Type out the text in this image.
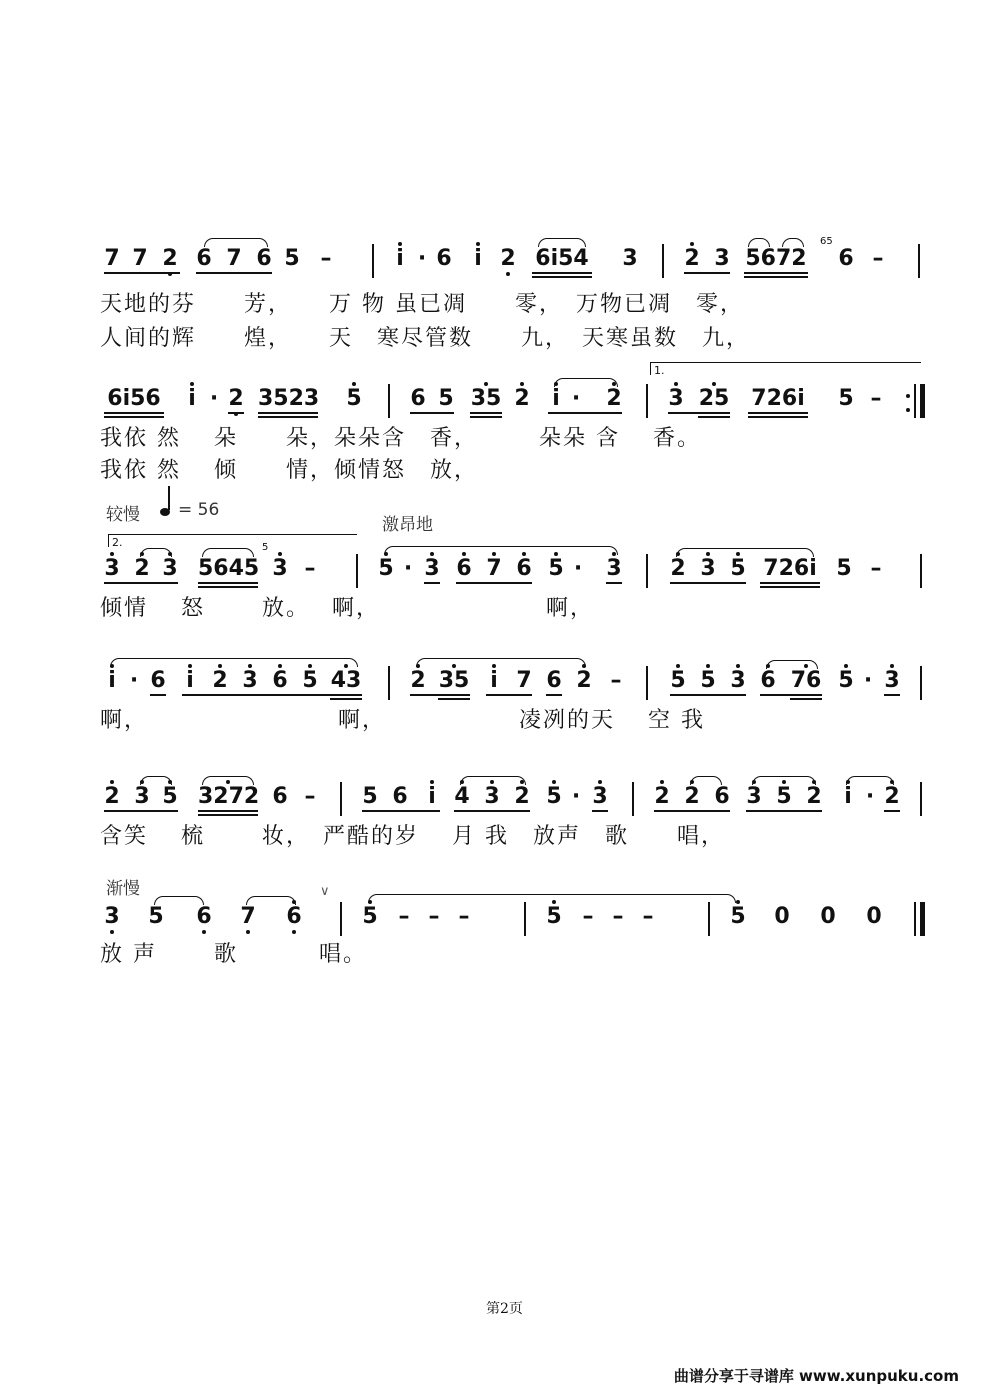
7 7 2 6 7 6 5 –	i · 6 i 2 6i54 3 2 3 5672
65
6 –
天地的芬　　芳，　　万 物 虽已凋　　零，　万物已凋　零，
人间的辉　　煌，　　天　寒尽管数　　九，　天寒虽数　九，
6i56 i · 2 3523 5 6 5 35 2 i · 2
1.
3 25 726i 5 –
我依 然　 朵　　朵，朵朵含　香，　　　朵朵 含　 香。
我依 然　 倾　　情，倾情怒　放，
较慢 = 56
激昂地
2.
3 2 3 5645
5
3 –	5 · 3 6 7 6 5 · 3 2 3 5 726i 5 –
倾情　 怒　　 放。　 啊，　　　　　　　 啊，
i · 6 i 2 3 6 5 43 2 35 i 7 6 2 – 5 5 3 6 76 5 · 3
啊，　　　　　　　　 啊，　　　　　　凌冽的天　 空 我
2 3 5 3272 6 – 5 6 i 4 3 2 5 · 3 2 2 6 3 5 2 i · 2
含笑　 梳　　 妆，　严酷的岁　 月 我　放声　歌　　唱，
渐慢	∨
3 5 6 7 6	5 – – –	5 – – –	5 0 0 0
放 声　　 歌　　　 唱。
第2页
曲谱分享于寻谱库 www.xunpuku.com
